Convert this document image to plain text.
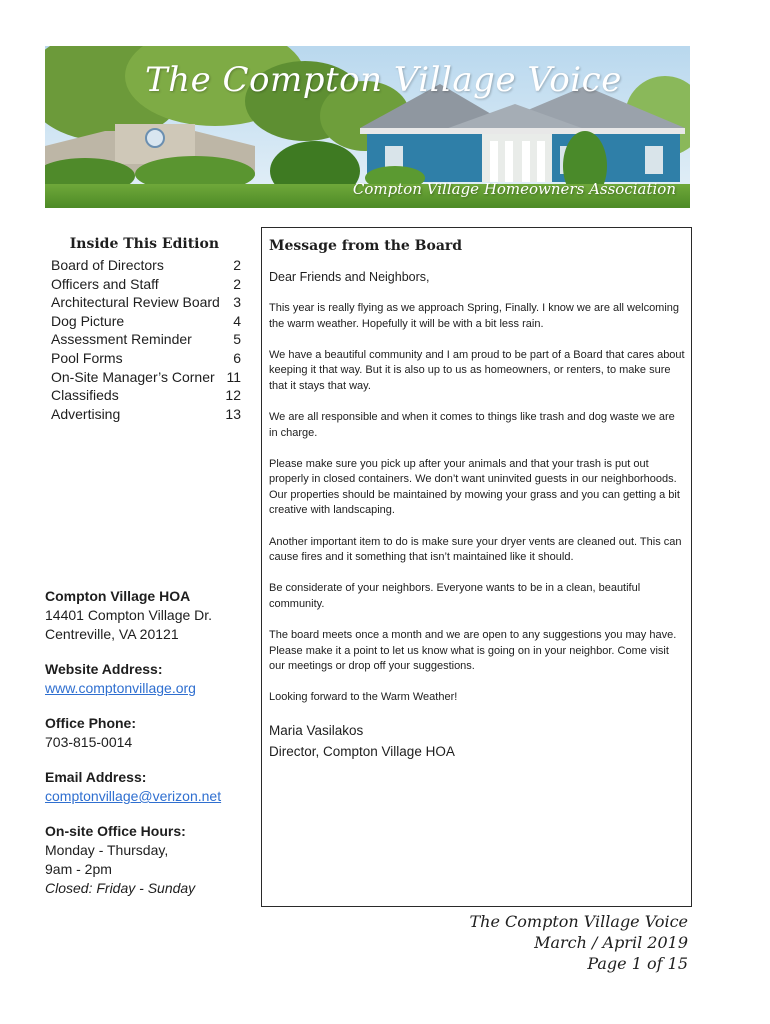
The Compton Village Voice
Compton Village Homeowners Association
Inside This Edition
Board of Directors	2
Officers and Staff	2
Architectural Review Board 3
Dog Picture	4
Assessment Reminder	5
Pool Forms	6
On-Site Manager’s Corner 11
Classifieds	12
Advertising	13
Compton Village HOA
14401 Compton Village Dr.
Centreville, VA 20121
Website Address:
www.comptonvillage.org
Office Phone:
703-815-0014
Email Address:
comptonvillage@verizon.net
On-site Office Hours:
Monday - Thursday,
9am - 2pm
Closed: Friday - Sunday
Message from the Board
Dear Friends and Neighbors,

This year is really flying as we approach Spring, Finally. I know we are all welcoming the warm weather. Hopefully it will be with a bit less rain.

We have a beautiful community and I am proud to be part of a Board that cares about keeping it that way. But it is also up to us as homeowners, or renters, to make sure that it stays that way.

We are all responsible and when it comes to things like trash and dog waste we are in charge.

Please make sure you pick up after your animals and that your trash is put out properly in closed containers. We don’t want uninvited guests in our neighborhoods. Our properties should be maintained by mowing your grass and you can getting a bit creative with landscaping.

Another important item to do is make sure your dryer vents are cleaned out. This can cause fires and it something that isn’t maintained like it should.

Be considerate of your neighbors. Everyone wants to be in a clean, beautiful community.

The board meets once a month and we are open to any suggestions you may have. Please make it a point to let us know what is going on in your neighbor. Come visit our meetings or drop off your suggestions.

Looking forward to the Warm Weather!

Maria Vasilakos
Director, Compton Village HOA
The Compton Village Voice
March / April 2019
Page 1 of 15
